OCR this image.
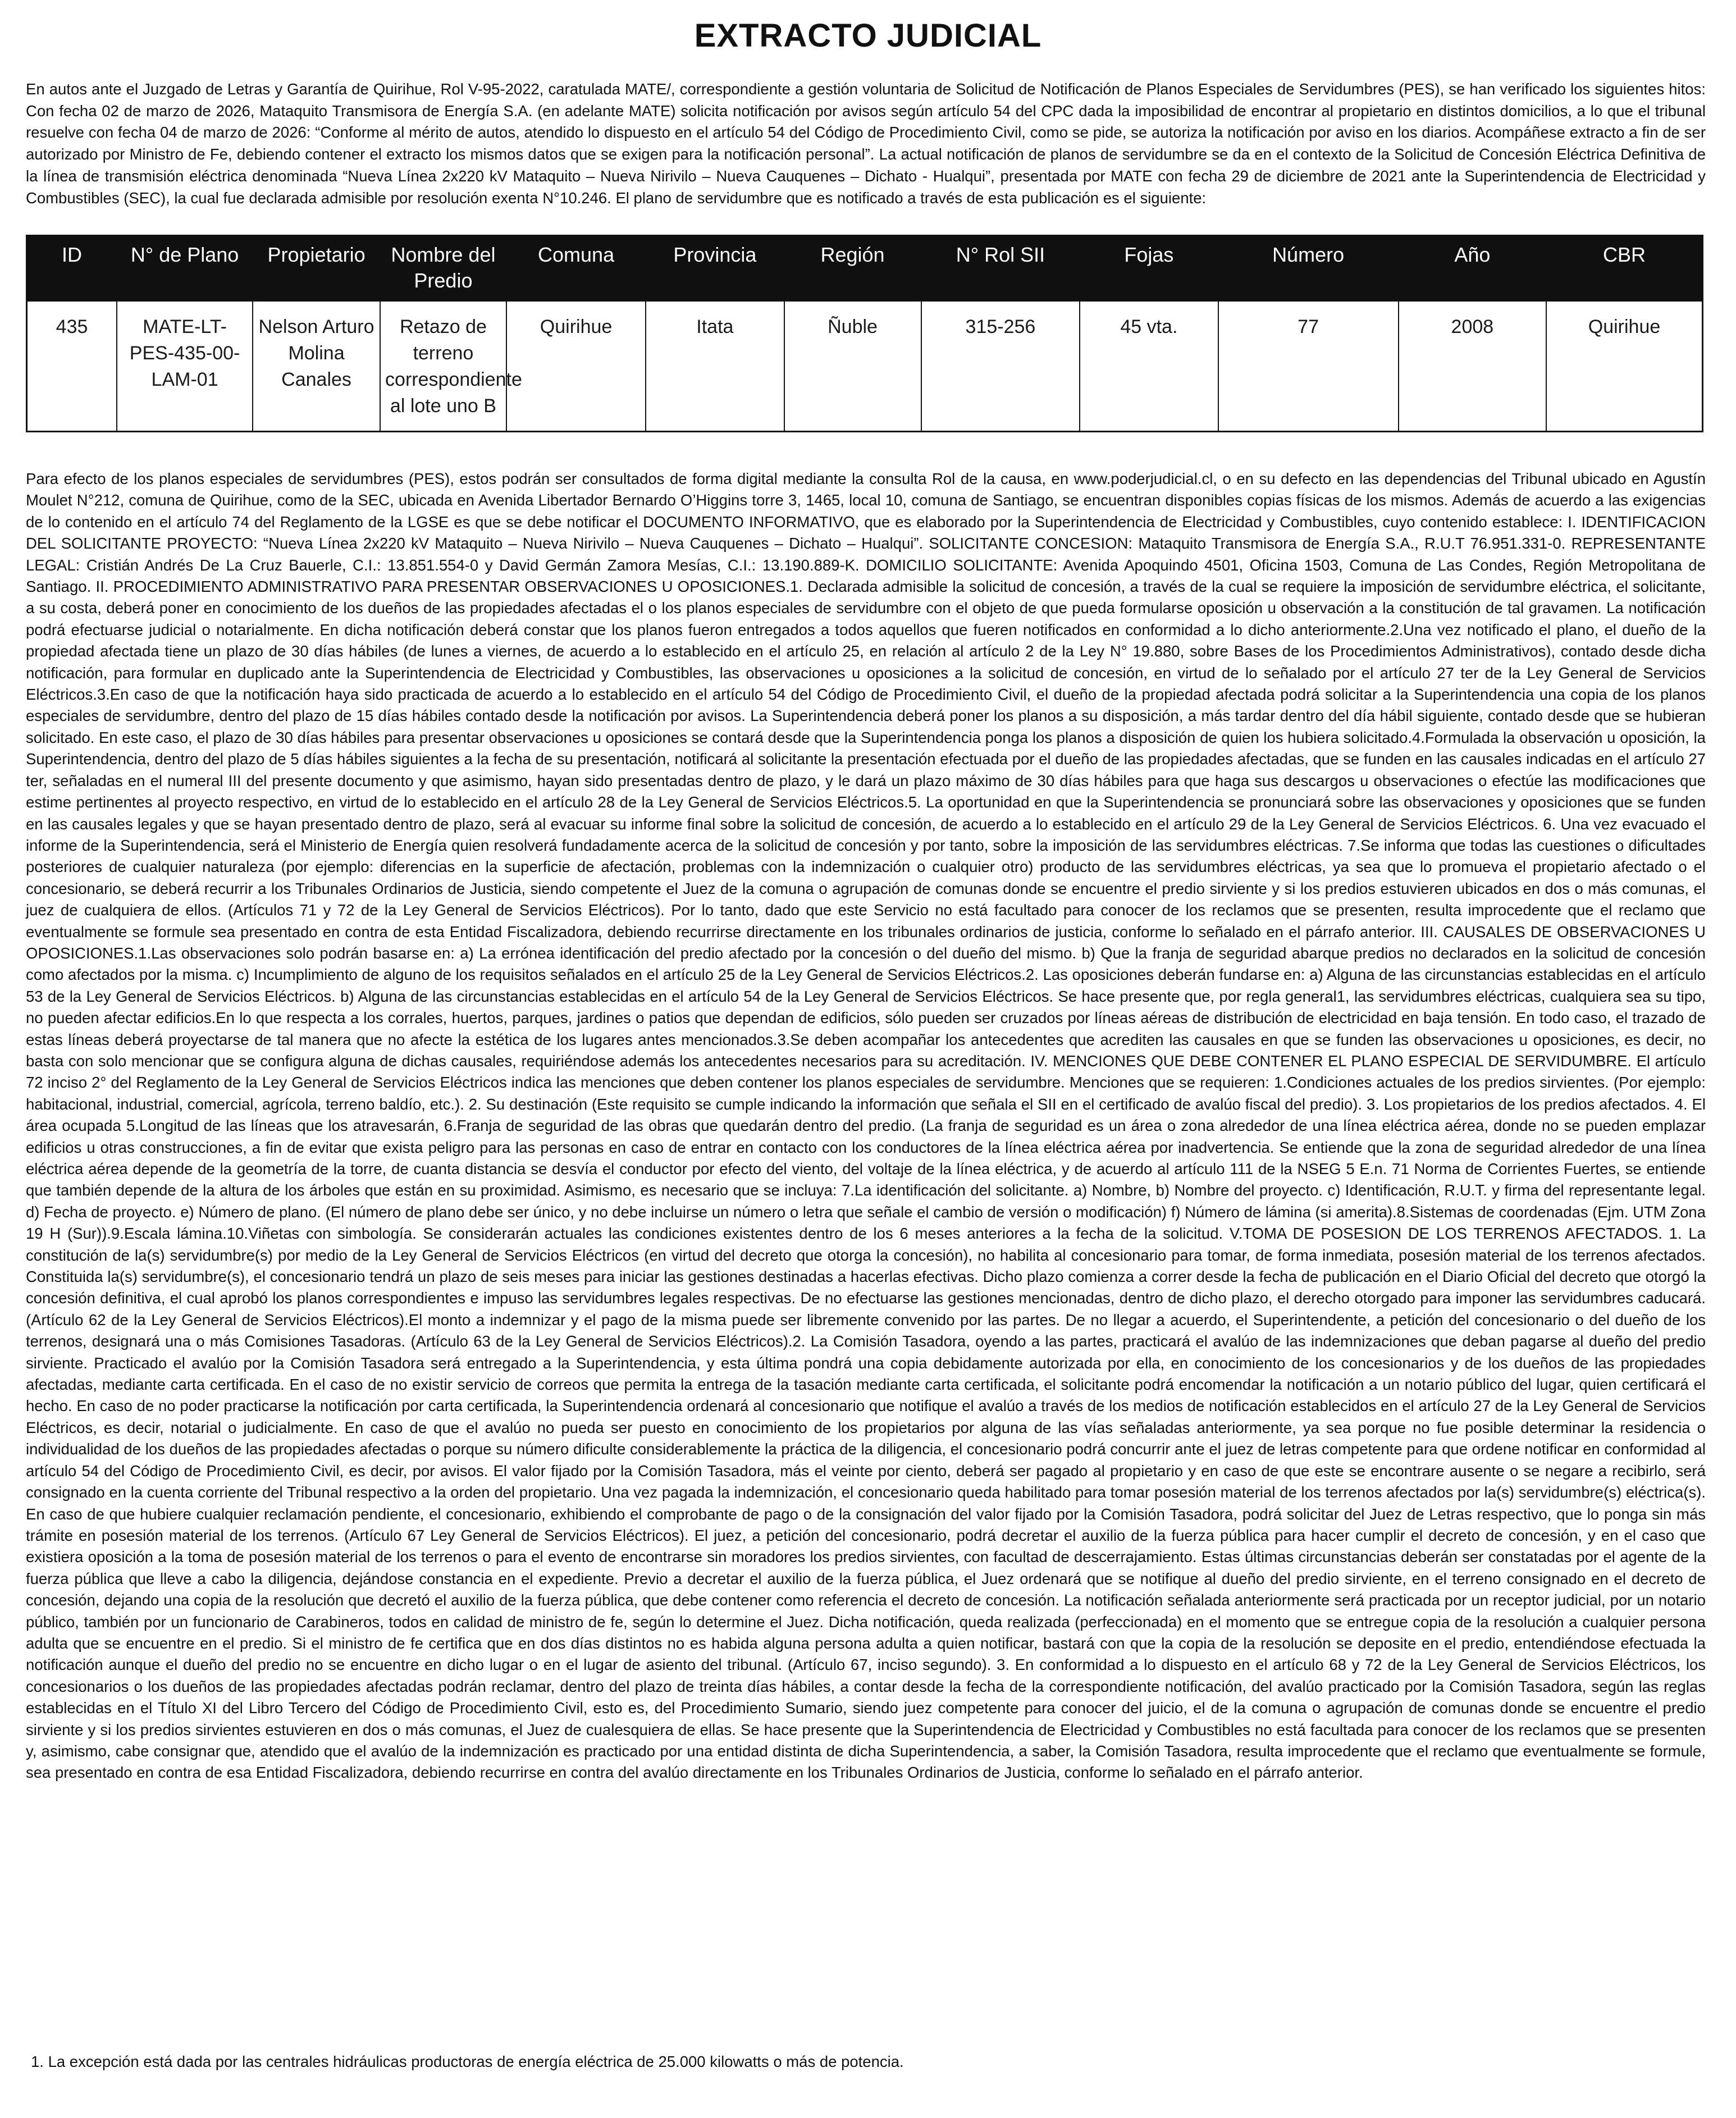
EXTRACTO JUDICIAL

En autos ante el Juzgado de Letras y Garantía de Quirihue, Rol V-95-2022, caratulada MATE/, correspondiente a gestión voluntaria de Solicitud de Notificación de Planos Especiales de Servidumbres (PES), se han verificado los siguientes hitos: Con fecha 02 de marzo de 2026, Mataquito Transmisora de Energía S.A. (en adelante MATE) solicita notificación por avisos según artículo 54 del CPC dada la imposibilidad de encontrar al propietario en distintos domicilios, a lo que el tribunal resuelve con fecha 04 de marzo de 2026: “Conforme al mérito de autos, atendido lo dispuesto en el artículo 54 del Código de Procedimiento Civil, como se pide, se autoriza la notificación por aviso en los diarios. Acompáñese extracto a fin de ser autorizado por Ministro de Fe, debiendo contener el extracto los mismos datos que se exigen para la notificación personal”. La actual notificación de planos de servidumbre se da en el contexto de la Solicitud de Concesión Eléctrica Definitiva de la línea de transmisión eléctrica denominada “Nueva Línea 2x220 kV Mataquito – Nueva Nirivilo – Nueva Cauquenes – Dichato - Hualqui”, presentada por MATE con fecha 29 de diciembre de 2021 ante la Superintendencia de Electricidad y Combustibles (SEC), la cual fue declarada admisible por resolución exenta N°10.246. El plano de servidumbre que es notificado a través de esta publicación es el siguiente:

ID	N° de Plano	Propietario	Nombre del Predio	Comuna	Provincia	Región	N° Rol SII	Fojas	Número	Año	CBR
435	MATE-LT-PES-435-00-LAM-01	Nelson Arturo Molina Canales	Retazo de terreno correspondiente al lote uno B	Quirihue	Itata	Ñuble	315-256	45 vta.	77	2008	Quirihue

Para efecto de los planos especiales de servidumbres (PES), estos podrán ser consultados de forma digital mediante la consulta Rol de la causa, en www.poderjudicial.cl, o en su defecto en las dependencias del Tribunal ubicado en Agustín Moulet N°212, comuna de Quirihue, como de la SEC, ubicada en Avenida Libertador Bernardo O’Higgins torre 3, 1465, local 10, comuna de Santiago, se encuentran disponibles copias físicas de los mismos. Además de acuerdo a las exigencias de lo contenido en el artículo 74 del Reglamento de la LGSE es que se debe notificar el DOCUMENTO INFORMATIVO, que es elaborado por la Superintendencia de Electricidad y Combustibles, cuyo contenido establece: I. IDENTIFICACION DEL SOLICITANTE PROYECTO: “Nueva Línea 2x220 kV Mataquito – Nueva Nirivilo – Nueva Cauquenes – Dichato – Hualqui”. SOLICITANTE CONCESION: Mataquito Transmisora de Energía S.A., R.U.T 76.951.331-0. REPRESENTANTE LEGAL: Cristián Andrés De La Cruz Bauerle, C.I.: 13.851.554-0 y David Germán Zamora Mesías, C.I.: 13.190.889-K. DOMICILIO SOLICITANTE: Avenida Apoquindo 4501, Oficina 1503, Comuna de Las Condes, Región Metropolitana de Santiago. II. PROCEDIMIENTO ADMINISTRATIVO PARA PRESENTAR OBSERVACIONES U OPOSICIONES.1. Declarada admisible la solicitud de concesión, a través de la cual se requiere la imposición de servidumbre eléctrica, el solicitante, a su costa, deberá poner en conocimiento de los dueños de las propiedades afectadas el o los planos especiales de servidumbre con el objeto de que pueda formularse oposición u observación a la constitución de tal gravamen. La notificación podrá efectuarse judicial o notarialmente. En dicha notificación deberá constar que los planos fueron entregados a todos aquellos que fueren notificados en conformidad a lo dicho anteriormente.2.Una vez notificado el plano, el dueño de la propiedad afectada tiene un plazo de 30 días hábiles (de lunes a viernes, de acuerdo a lo establecido en el artículo 25, en relación al artículo 2 de la Ley N° 19.880, sobre Bases de los Procedimientos Administrativos), contado desde dicha notificación, para formular en duplicado ante la Superintendencia de Electricidad y Combustibles, las observaciones u oposiciones a la solicitud de concesión, en virtud de lo señalado por el artículo 27 ter de la Ley General de Servicios Eléctricos.3.En caso de que la notificación haya sido practicada de acuerdo a lo establecido en el artículo 54 del Código de Procedimiento Civil, el dueño de la propiedad afectada podrá solicitar a la Superintendencia una copia de los planos especiales de servidumbre, dentro del plazo de 15 días hábiles contado desde la notificación por avisos. La Superintendencia deberá poner los planos a su disposición, a más tardar dentro del día hábil siguiente, contado desde que se hubieran solicitado. En este caso, el plazo de 30 días hábiles para presentar observaciones u oposiciones se contará desde que la Superintendencia ponga los planos a disposición de quien los hubiera solicitado.4.Formulada la observación u oposición, la Superintendencia, dentro del plazo de 5 días hábiles siguientes a la fecha de su presentación, notificará al solicitante la presentación efectuada por el dueño de las propiedades afectadas, que se funden en las causales indicadas en el artículo 27 ter, señaladas en el numeral III del presente documento y que asimismo, hayan sido presentadas dentro de plazo, y le dará un plazo máximo de 30 días hábiles para que haga sus descargos u observaciones o efectúe las modificaciones que estime pertinentes al proyecto respectivo, en virtud de lo establecido en el artículo 28 de la Ley General de Servicios Eléctricos.5. La oportunidad en que la Superintendencia se pronunciará sobre las observaciones y oposiciones que se funden en las causales legales y que se hayan presentado dentro de plazo, será al evacuar su informe final sobre la solicitud de concesión, de acuerdo a lo establecido en el artículo 29 de la Ley General de Servicios Eléctricos. 6. Una vez evacuado el informe de la Superintendencia, será el Ministerio de Energía quien resolverá fundadamente acerca de la solicitud de concesión y por tanto, sobre la imposición de las servidumbres eléctricas. 7.Se informa que todas las cuestiones o dificultades posteriores de cualquier naturaleza (por ejemplo: diferencias en la superficie de afectación, problemas con la indemnización o cualquier otro) producto de las servidumbres eléctricas, ya sea que lo promueva el propietario afectado o el concesionario, se deberá recurrir a los Tribunales Ordinarios de Justicia, siendo competente el Juez de la comuna o agrupación de comunas donde se encuentre el predio sirviente y si los predios estuvieren ubicados en dos o más comunas, el juez de cualquiera de ellos. (Artículos 71 y 72 de la Ley General de Servicios Eléctricos). Por lo tanto, dado que este Servicio no está facultado para conocer de los reclamos que se presenten, resulta improcedente que el reclamo que eventualmente se formule sea presentado en contra de esta Entidad Fiscalizadora, debiendo recurrirse directamente en los tribunales ordinarios de justicia, conforme lo señalado en el párrafo anterior. III. CAUSALES DE OBSERVACIONES U OPOSICIONES.1.Las observaciones solo podrán basarse en: a) La errónea identificación del predio afectado por la concesión o del dueño del mismo. b) Que la franja de seguridad abarque predios no declarados en la solicitud de concesión como afectados por la misma. c) Incumplimiento de alguno de los requisitos señalados en el artículo 25 de la Ley General de Servicios Eléctricos.2. Las oposiciones deberán fundarse en: a) Alguna de las circunstancias establecidas en el artículo 53 de la Ley General de Servicios Eléctricos. b) Alguna de las circunstancias establecidas en el artículo 54 de la Ley General de Servicios Eléctricos. Se hace presente que, por regla general1, las servidumbres eléctricas, cualquiera sea su tipo, no pueden afectar edificios.En lo que respecta a los corrales, huertos, parques, jardines o patios que dependan de edificios, sólo pueden ser cruzados por líneas aéreas de distribución de electricidad en baja tensión. En todo caso, el trazado de estas líneas deberá proyectarse de tal manera que no afecte la estética de los lugares antes mencionados.3.Se deben acompañar los antecedentes que acrediten las causales en que se funden las observaciones u oposiciones, es decir, no basta con solo mencionar que se configura alguna de dichas causales, requiriéndose además los antecedentes necesarios para su acreditación. IV. MENCIONES QUE DEBE CONTENER EL PLANO ESPECIAL DE SERVIDUMBRE. El artículo 72 inciso 2° del Reglamento de la Ley General de Servicios Eléctricos indica las menciones que deben contener los planos especiales de servidumbre. Menciones que se requieren: 1.Condiciones actuales de los predios sirvientes. (Por ejemplo: habitacional, industrial, comercial, agrícola, terreno baldío, etc.). 2. Su destinación (Este requisito se cumple indicando la información que señala el SII en el certificado de avalúo fiscal del predio). 3. Los propietarios de los predios afectados. 4. El área ocupada 5.Longitud de las líneas que los atravesarán, 6.Franja de seguridad de las obras que quedarán dentro del predio. (La franja de seguridad es un área o zona alrededor de una línea eléctrica aérea, donde no se pueden emplazar edificios u otras construcciones, a fin de evitar que exista peligro para las personas en caso de entrar en contacto con los conductores de la línea eléctrica aérea por inadvertencia. Se entiende que la zona de seguridad alrededor de una línea eléctrica aérea depende de la geometría de la torre, de cuanta distancia se desvía el conductor por efecto del viento, del voltaje de la línea eléctrica, y de acuerdo al artículo 111 de la NSEG 5 E.n. 71 Norma de Corrientes Fuertes, se entiende que también depende de la altura de los árboles que están en su proximidad. Asimismo, es necesario que se incluya: 7.La identificación del solicitante. a) Nombre, b) Nombre del proyecto. c) Identificación, R.U.T. y firma del representante legal. d) Fecha de proyecto. e) Número de plano. (El número de plano debe ser único, y no debe incluirse un número o letra que señale el cambio de versión o modificación) f) Número de lámina (si amerita).8.Sistemas de coordenadas (Ejm. UTM Zona 19 H (Sur)).9.Escala lámina.10.Viñetas con simbología. Se considerarán actuales las condiciones existentes dentro de los 6 meses anteriores a la fecha de la solicitud. V.TOMA DE POSESION DE LOS TERRENOS AFECTADOS. 1. La constitución de la(s) servidumbre(s) por medio de la Ley General de Servicios Eléctricos (en virtud del decreto que otorga la concesión), no habilita al concesionario para tomar, de forma inmediata, posesión material de los terrenos afectados. Constituida la(s) servidumbre(s), el concesionario tendrá un plazo de seis meses para iniciar las gestiones destinadas a hacerlas efectivas. Dicho plazo comienza a correr desde la fecha de publicación en el Diario Oficial del decreto que otorgó la concesión definitiva, el cual aprobó los planos correspondientes e impuso las servidumbres legales respectivas. De no efectuarse las gestiones mencionadas, dentro de dicho plazo, el derecho otorgado para imponer las servidumbres caducará. (Artículo 62 de la Ley General de Servicios Eléctricos).El monto a indemnizar y el pago de la misma puede ser libremente convenido por las partes. De no llegar a acuerdo, el Superintendente, a petición del concesionario o del dueño de los terrenos, designará una o más Comisiones Tasadoras. (Artículo 63 de la Ley General de Servicios Eléctricos).2. La Comisión Tasadora, oyendo a las partes, practicará el avalúo de las indemnizaciones que deban pagarse al dueño del predio sirviente. Practicado el avalúo por la Comisión Tasadora será entregado a la Superintendencia, y esta última pondrá una copia debidamente autorizada por ella, en conocimiento de los concesionarios y de los dueños de las propiedades afectadas, mediante carta certificada. En el caso de no existir servicio de correos que permita la entrega de la tasación mediante carta certificada, el solicitante podrá encomendar la notificación a un notario público del lugar, quien certificará el hecho. En caso de no poder practicarse la notificación por carta certificada, la Superintendencia ordenará al concesionario que notifique el avalúo a través de los medios de notificación establecidos en el artículo 27 de la Ley General de Servicios Eléctricos, es decir, notarial o judicialmente. En caso de que el avalúo no pueda ser puesto en conocimiento de los propietarios por alguna de las vías señaladas anteriormente, ya sea porque no fue posible determinar la residencia o individualidad de los dueños de las propiedades afectadas o porque su número dificulte considerablemente la práctica de la diligencia, el concesionario podrá concurrir ante el juez de letras competente para que ordene notificar en conformidad al artículo 54 del Código de Procedimiento Civil, es decir, por avisos. El valor fijado por la Comisión Tasadora, más el veinte por ciento, deberá ser pagado al propietario y en caso de que este se encontrare ausente o se negare a recibirlo, será consignado en la cuenta corriente del Tribunal respectivo a la orden del propietario. Una vez pagada la indemnización, el concesionario queda habilitado para tomar posesión material de los terrenos afectados por la(s) servidumbre(s) eléctrica(s). En caso de que hubiere cualquier reclamación pendiente, el concesionario, exhibiendo el comprobante de pago o de la consignación del valor fijado por la Comisión Tasadora, podrá solicitar del Juez de Letras respectivo, que lo ponga sin más trámite en posesión material de los terrenos. (Artículo 67 Ley General de Servicios Eléctricos). El juez, a petición del concesionario, podrá decretar el auxilio de la fuerza pública para hacer cumplir el decreto de concesión, y en el caso que existiera oposición a la toma de posesión material de los terrenos o para el evento de encontrarse sin moradores los predios sirvientes, con facultad de descerrajamiento. Estas últimas circunstancias deberán ser constatadas por el agente de la fuerza pública que lleve a cabo la diligencia, dejándose constancia en el expediente. Previo a decretar el auxilio de la fuerza pública, el Juez ordenará que se notifique al dueño del predio sirviente, en el terreno consignado en el decreto de concesión, dejando una copia de la resolución que decretó el auxilio de la fuerza pública, que debe contener como referencia el decreto de concesión. La notificación señalada anteriormente será practicada por un receptor judicial, por un notario público, también por un funcionario de Carabineros, todos en calidad de ministro de fe, según lo determine el Juez. Dicha notificación, queda realizada (perfeccionada) en el momento que se entregue copia de la resolución a cualquier persona adulta que se encuentre en el predio. Si el ministro de fe certifica que en dos días distintos no es habida alguna persona adulta a quien notificar, bastará con que la copia de la resolución se deposite en el predio, entendiéndose efectuada la notificación aunque el dueño del predio no se encuentre en dicho lugar o en el lugar de asiento del tribunal. (Artículo 67, inciso segundo). 3. En conformidad a lo dispuesto en el artículo 68 y 72 de la Ley General de Servicios Eléctricos, los concesionarios o los dueños de las propiedades afectadas podrán reclamar, dentro del plazo de treinta días hábiles, a contar desde la fecha de la correspondiente notificación, del avalúo practicado por la Comisión Tasadora, según las reglas establecidas en el Título XI del Libro Tercero del Código de Procedimiento Civil, esto es, del Procedimiento Sumario, siendo juez competente para conocer del juicio, el de la comuna o agrupación de comunas donde se encuentre el predio sirviente y si los predios sirvientes estuvieren en dos o más comunas, el Juez de cualesquiera de ellas. Se hace presente que la Superintendencia de Electricidad y Combustibles no está facultada para conocer de los reclamos que se presenten y, asimismo, cabe consignar que, atendido que el avalúo de la indemnización es practicado por una entidad distinta de dicha Superintendencia, a saber, la Comisión Tasadora, resulta improcedente que el reclamo que eventualmente se formule, sea presentado en contra de esa Entidad Fiscalizadora, debiendo recurrirse en contra del avalúo directamente en los Tribunales Ordinarios de Justicia, conforme lo señalado en el párrafo anterior.

1. La excepción está dada por las centrales hidráulicas productoras de energía eléctrica de 25.000 kilowatts o más de potencia.
